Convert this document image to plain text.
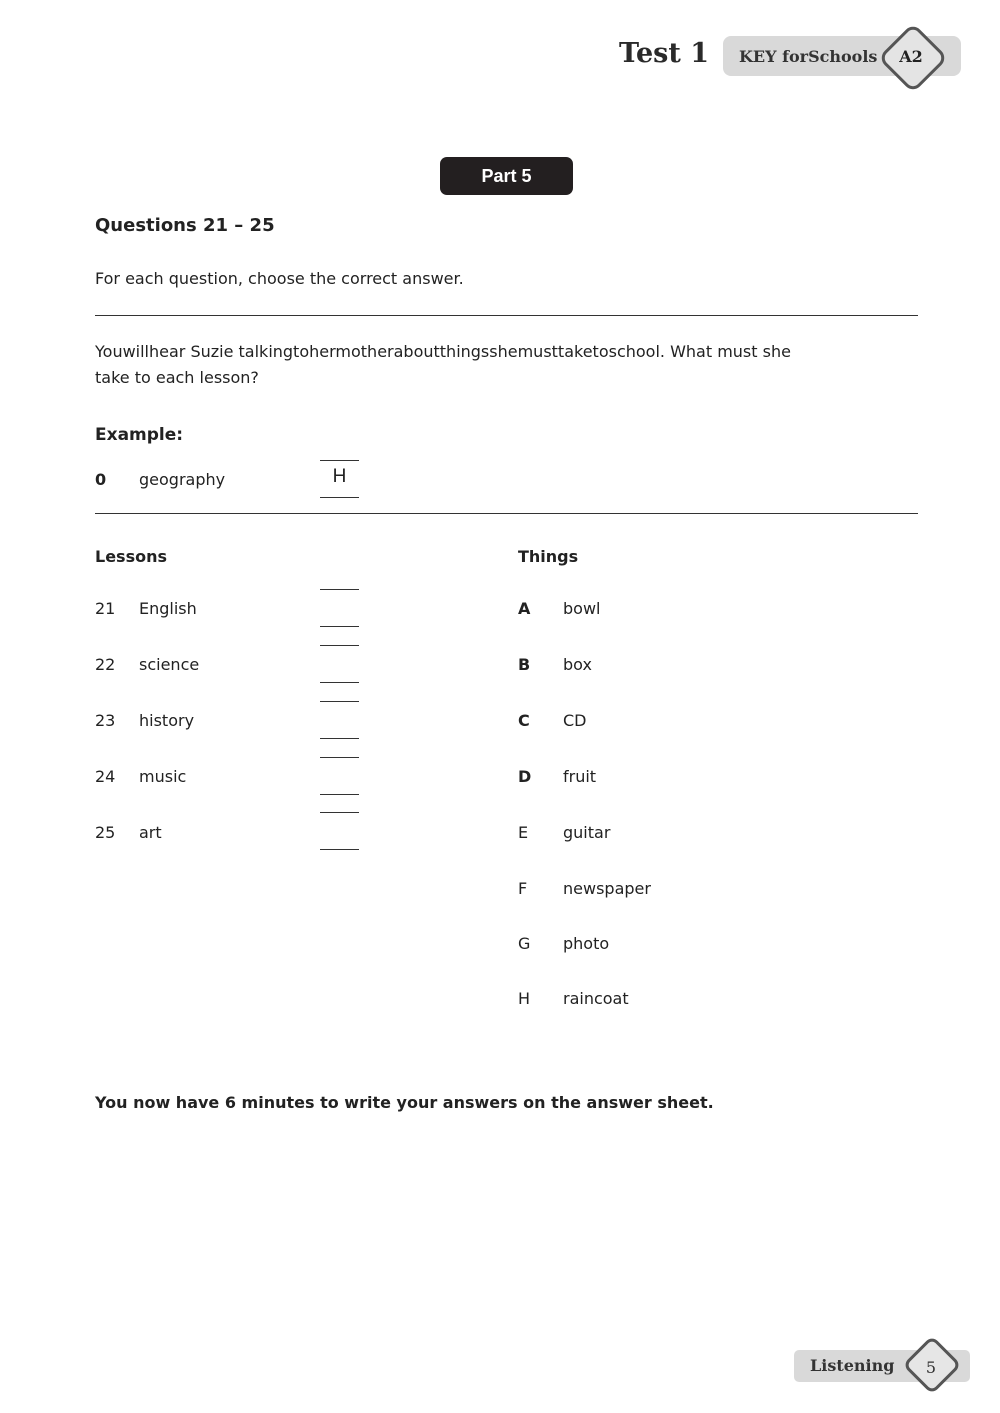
Test 1 KEY forSchools	A2
Part 5
Questions 21 – 25
For each question, choose the correct answer.
Youwillhear Suzie talkingtohermotheraboutthingsshemusttaketoschool. What must she take to each lesson?
Example:
0 geography	H
Lessons
21 English
22 science
23 history
24 music
25 art
Things
A bowl
B box
C CD
D fruit
E guitar
F newspaper
G photo
H raincoat
You now have 6 minutes to write your answers on the answer sheet.
Listening	5
